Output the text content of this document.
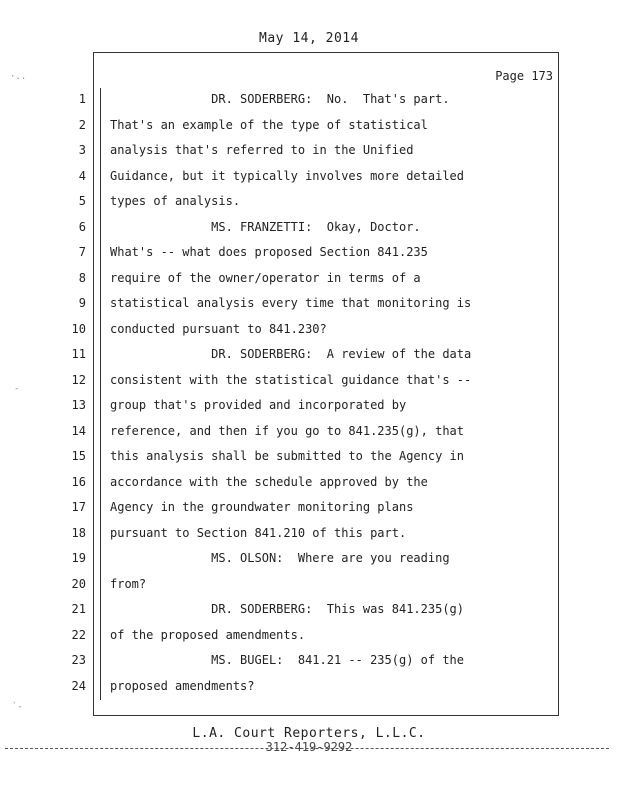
May 14, 2014
Page 173
1 DR. SODERBERG:  No.  That's part.
2 That's an example of the type of statistical
3 analysis that's referred to in the Unified
4 Guidance, but it typically involves more detailed
5 types of analysis.
6 MS. FRANZETTI:  Okay, Doctor.
7 What's -- what does proposed Section 841.235
8 require of the owner/operator in terms of a
9 statistical analysis every time that monitoring is
10 conducted pursuant to 841.230?
11 DR. SODERBERG:  A review of the data
12 consistent with the statistical guidance that's --
13 group that's provided and incorporated by
14 reference, and then if you go to 841.235(g), that
15 this analysis shall be submitted to the Agency in
16 accordance with the schedule approved by the
17 Agency in the groundwater monitoring plans
18 pursuant to Section 841.210 of this part.
19 MS. OLSON:  Where are you reading
20 from?
21 DR. SODERBERG:  This was 841.235(g)
22 of the proposed amendments.
23 MS. BUGEL:  841.21 -- 235(g) of the
24 proposed amendments?
L.A. Court Reporters, L.L.C.
312-419-9292
·..
-
`-
